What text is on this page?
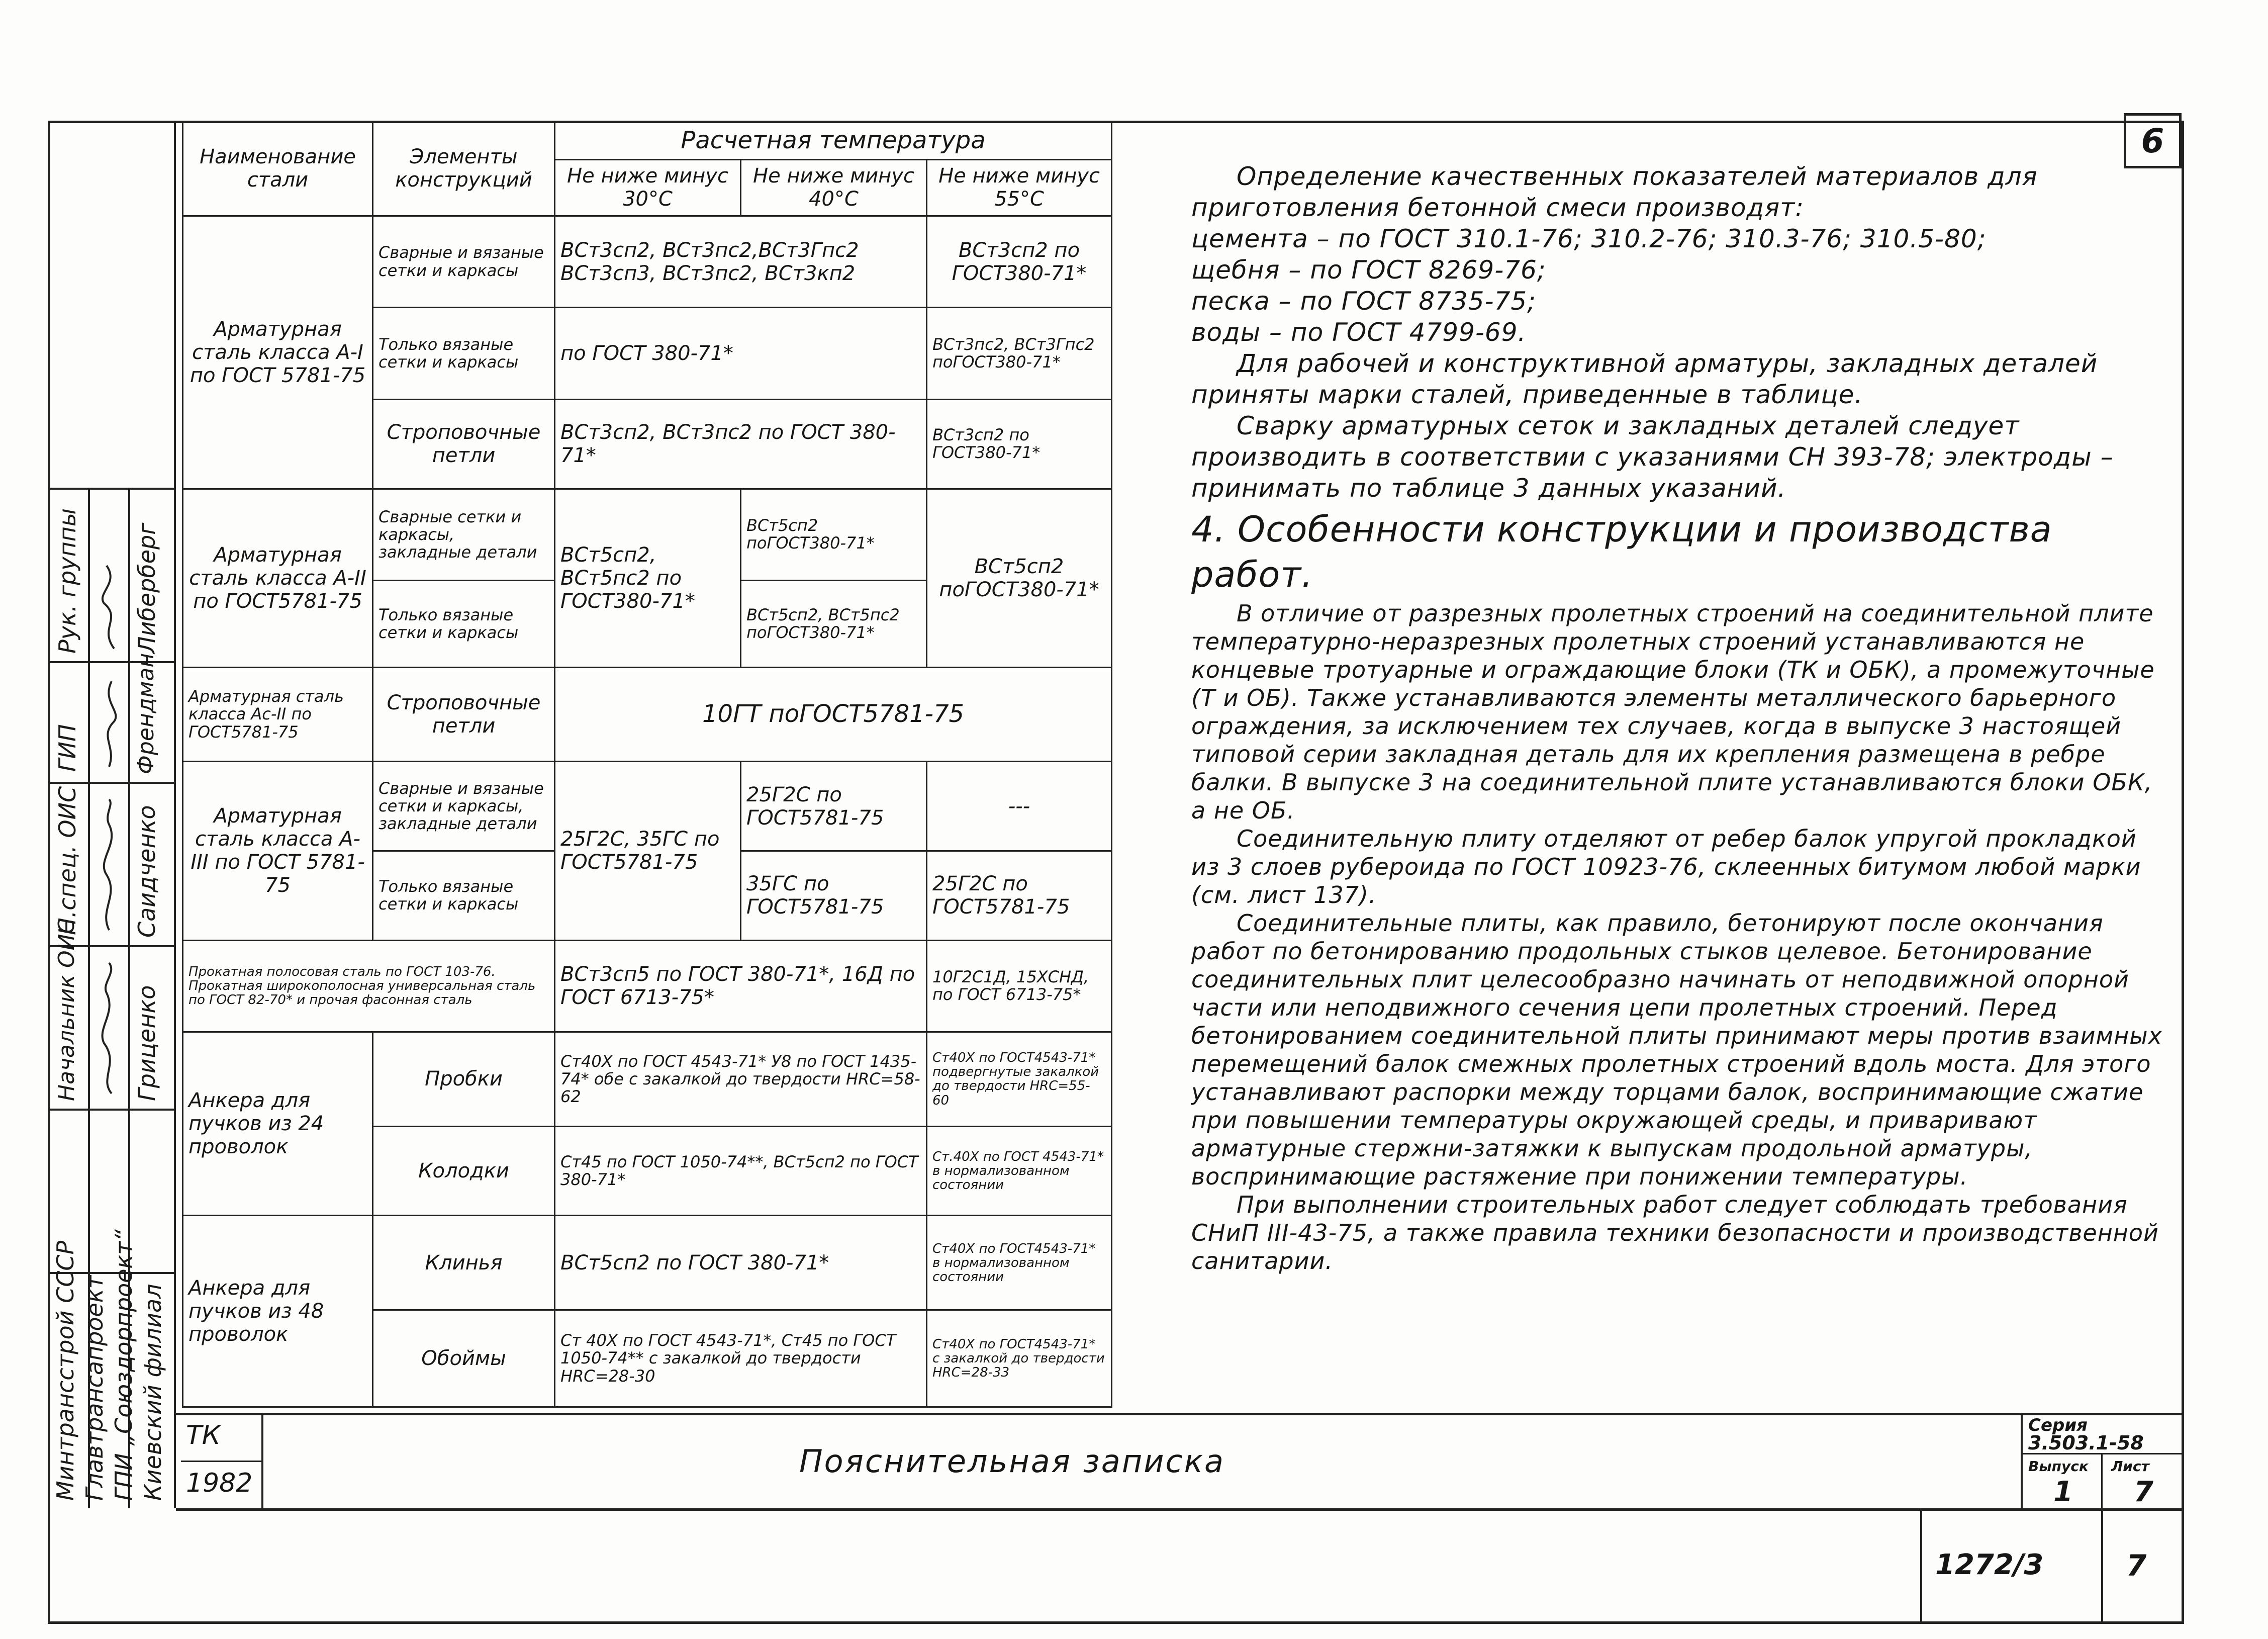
6
Рук. группы Либерберг
ГИП Френдман
Н.спец. ОИС Саидченко
Начальник ОИС Гриценко
Минтрансстрой СССР Главтрансапроект ГПИ „Союздорпроект“ Киевский филиал
Наименование стали	Элементы конструкций	Расчетная температура		
		Не ниже минус 30°С	Не ниже минус 40°С	Не ниже минус 55°С
Арматурная сталь класса А-I по ГОСТ 5781-75	Сварные и вязаные сетки и каркасы	ВСт3сп2, ВСт3пс2,ВСт3Гпс2 ВСт3сп3, ВСт3пс2, ВСт3кп2		ВСт3сп2 по ГОСТ380-71*
	Только вязаные сетки и каркасы	по ГОСТ 380-71*		ВСт3пс2, ВСт3Гпс2 поГОСТ380-71*
	Строповочные петли	ВСт3сп2, ВСт3пс2 по ГОСТ 380-71*		ВСт3сп2 по ГОСТ380-71*
Арматурная сталь класса А-II по ГОСТ5781-75	Сварные сетки и каркасы, закладные детали	ВСт5сп2, ВСт5пс2 по ГОСТ380-71*	ВСт5сп2 поГОСТ380-71*	ВСт5сп2 поГОСТ380-71*
	Только вязаные сетки и каркасы		ВСт5сп2, ВСт5пс2 поГОСТ380-71*	
Арматурная сталь класса Ас-II по ГОСТ5781-75	Строповочные петли	10ГТ поГОСТ5781-75		
Арматурная сталь класса А-III по ГОСТ 5781-75	Сварные и вязаные сетки и каркасы, закладные детали	25Г2С, 35ГС по ГОСТ5781-75	25Г2С по ГОСТ5781-75	---
	Только вязаные сетки и каркасы		35ГС по ГОСТ5781-75	25Г2С по ГОСТ5781-75
Прокатная полосовая сталь по ГОСТ 103-76. Прокатная широкополосная универсальная сталь по ГОСТ 82-70* и прочая фасонная сталь		ВСт3сп5 по ГОСТ 380-71*, 16Д по ГОСТ 6713-75*		10Г2С1Д, 15ХСНД, по ГОСТ 6713-75*
Анкера для пучков из 24 проволок	Пробки	Ст40Х по ГОСТ 4543-71* У8 по ГОСТ 1435-74* обе с закалкой до твердости HRC=58-62		Ст40Х по ГОСТ4543-71* подвергнутые закалкой до твердости HRC=55-60
	Колодки	Ст45 по ГОСТ 1050-74**, ВСт5сп2 по ГОСТ 380-71*		Ст.40Х по ГОСТ 4543-71* в нормализованном состоянии
Анкера для пучков из 48 проволок	Клинья	ВСт5сп2 по ГОСТ 380-71*		Ст40Х по ГОСТ4543-71* в нормализованном состоянии
	Обоймы	Ст 40Х по ГОСТ 4543-71*, Ст45 по ГОСТ 1050-74** с закалкой до твердости HRC=28-30		Ст40Х по ГОСТ4543-71* с закалкой до твердости HRC=28-33

Определение качественных показателей материалов для приготовления бетонной смеси производят:

цемента – по ГОСТ 310.1-76; 310.2-76; 310.3-76; 310.5-80;

щебня – по ГОСТ 8269-76;

песка – по ГОСТ 8735-75;

воды – по ГОСТ 4799-69.

Для рабочей и конструктивной арматуры, закладных деталей приняты марки сталей, приведенные в таблице.

Сварку арматурных сеток и закладных деталей следует производить в соответствии с указаниями СН 393-78; электроды – принимать по таблице 3 данных указаний.

4. Особенности конструкции и производства работ.

В отличие от разрезных пролетных строений на соединительной плите температурно-неразрезных пролетных строений устанавливаются не концевые тротуарные и ограждающие блоки (ТК и ОБК), а промежуточные (Т и ОБ). Также устанавливаются элементы металлического барьерного ограждения, за исключением тех случаев, когда в выпуске 3 настоящей типовой серии закладная деталь для их крепления размещена в ребре балки. В выпуске 3 на соединительной плите устанавливаются блоки ОБК, а не ОБ.

Соединительную плиту отделяют от ребер балок упругой прокладкой из 3 слоев рубероида по ГОСТ 10923-76, склеенных битумом любой марки (см. лист 137).

Соединительные плиты, как правило, бетонируют после окончания работ по бетонированию продольных стыков целевое. Бетонирование соединительных плит целесообразно начинать от неподвижной опорной части или неподвижного сечения цепи пролетных строений. Перед бетонированием соединительной плиты принимают меры против взаимных перемещений балок смежных пролетных строений вдоль моста. Для этого устанавливают распорки между торцами балок, воспринимающие сжатие при повышении температуры окружающей среды, и приваривают арматурные стержни-затяжки к выпускам продольной арматуры, воспринимающие растяжение при понижении температуры.

При выполнении строительных работ следует соблюдать требования СНиП III-43-75, а также правила техники безопасности и производственной санитарии.

ТК
1982
Пояснительная записка
Серия
3.503.1-58
Выпуск Лист
1 7
1272/3	7
